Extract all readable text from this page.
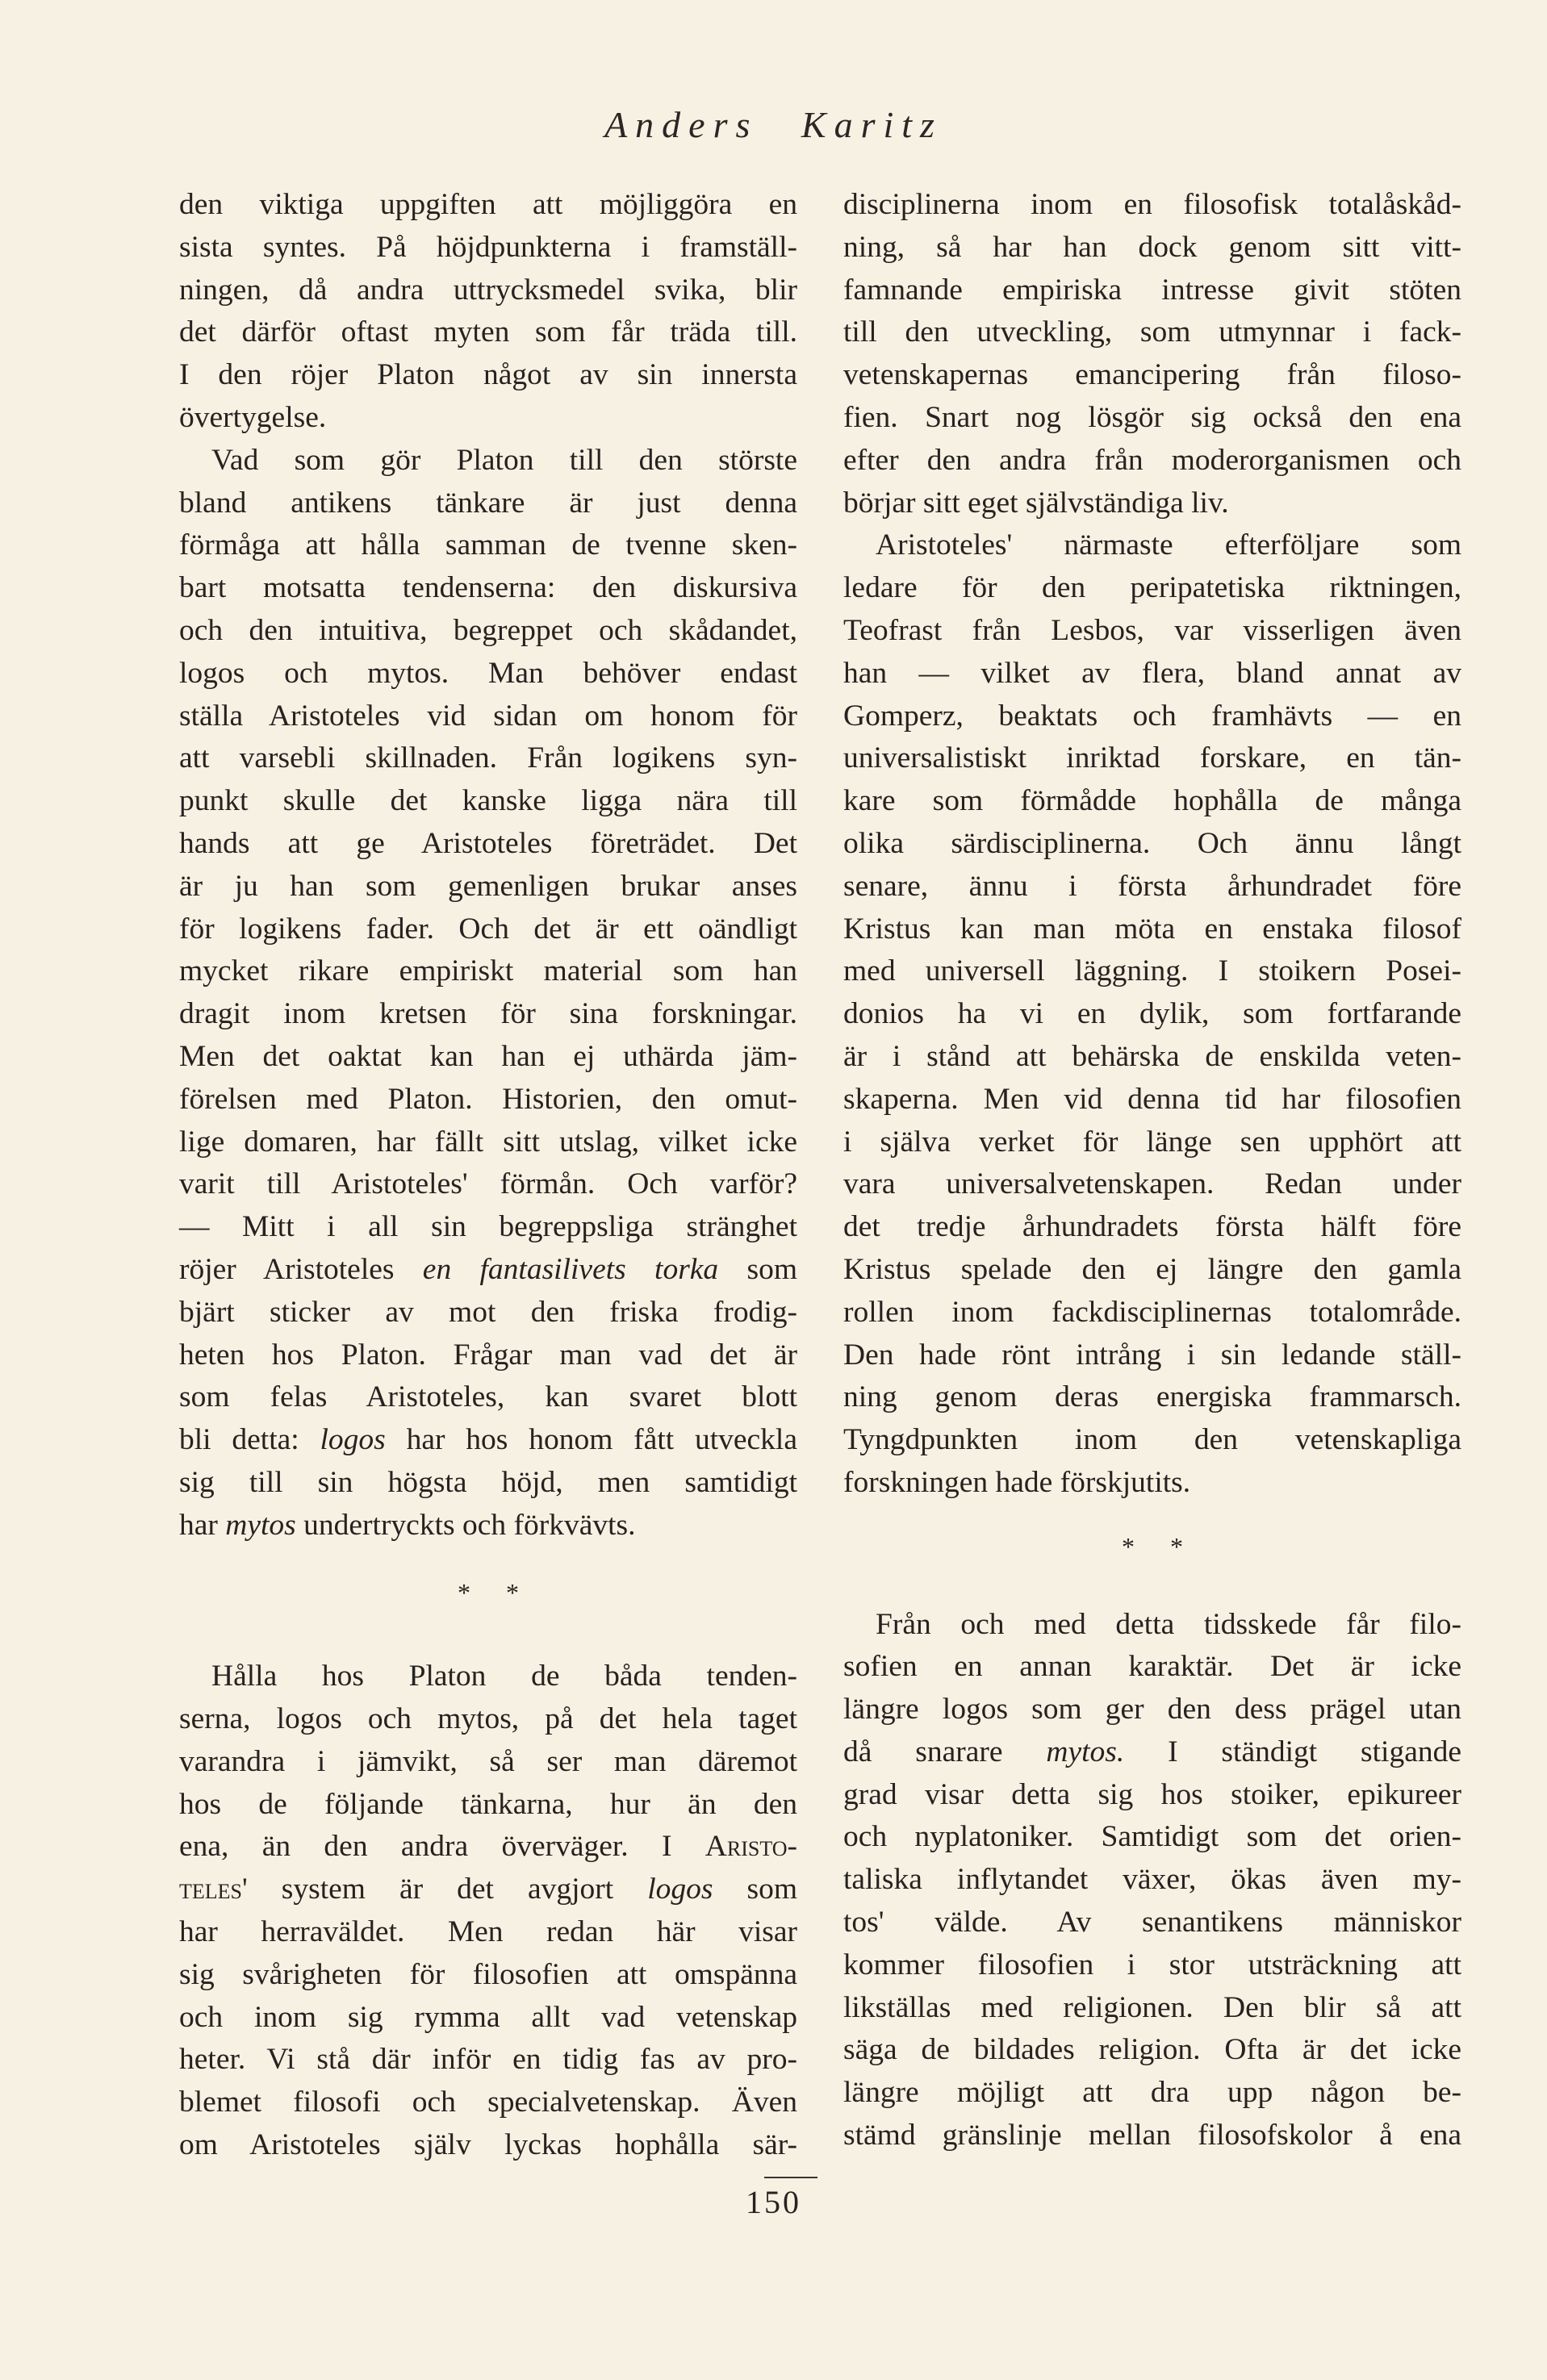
Anders Karitz

den viktiga uppgiften att möjliggöra en
sista syntes. På höjdpunkterna i framställ-
ningen, då andra uttrycksmedel svika, blir
det därför oftast myten som får träda till.
I den röjer Platon något av sin innersta
övertygelse.

Vad som gör Platon till den störste
bland antikens tänkare är just denna
förmåga att hålla samman de tvenne sken-
bart motsatta tendenserna: den diskursiva
och den intuitiva, begreppet och skådandet,
logos och mytos. Man behöver endast
ställa Aristoteles vid sidan om honom för
att varsebli skillnaden. Från logikens syn-
punkt skulle det kanske ligga nära till
hands att ge Aristoteles företrädet. Det
är ju han som gemenligen brukar anses
för logikens fader. Och det är ett oändligt
mycket rikare empiriskt material som han
dragit inom kretsen för sina forskningar.
Men det oaktat kan han ej uthärda jäm-
förelsen med Platon. Historien, den omut-
lige domaren, har fällt sitt utslag, vilket icke
varit till Aristoteles' förmån. Och varför?
— Mitt i all sin begreppsliga stränghet
röjer Aristoteles en fantasilivets torka som
bjärt sticker av mot den friska frodig-
heten hos Platon. Frågar man vad det är
som felas Aristoteles, kan svaret blott
bli detta: logos har hos honom fått utveckla
sig till sin högsta höjd, men samtidigt
har mytos undertryckts och förkvävts.

* *

Hålla hos Platon de båda tenden-
serna, logos och mytos, på det hela taget
varandra i jämvikt, så ser man däremot
hos de följande tänkarna, hur än den
ena, än den andra överväger. I Aristo-
teles' system är det avgjort logos som
har herraväldet. Men redan här visar
sig svårigheten för filosofien att omspänna
och inom sig rymma allt vad vetenskap
heter. Vi stå där inför en tidig fas av pro-
blemet filosofi och specialvetenskap. Även
om Aristoteles själv lyckas hophålla sär-

disciplinerna inom en filosofisk totalåskåd-
ning, så har han dock genom sitt vitt-
famnande empiriska intresse givit stöten
till den utveckling, som utmynnar i fack-
vetenskapernas emancipering från filoso-
fien. Snart nog lösgör sig också den ena
efter den andra från moderorganismen och
börjar sitt eget självständiga liv.

Aristoteles' närmaste efterföljare som
ledare för den peripatetiska riktningen,
Teofrast från Lesbos, var visserligen även
han — vilket av flera, bland annat av
Gomperz, beaktats och framhävts — en
universalistiskt inriktad forskare, en tän-
kare som förmådde hophålla de många
olika särdisciplinerna. Och ännu långt
senare, ännu i första århundradet före
Kristus kan man möta en enstaka filosof
med universell läggning. I stoikern Posei-
donios ha vi en dylik, som fortfarande
är i stånd att behärska de enskilda veten-
skaperna. Men vid denna tid har filosofien
i själva verket för länge sen upphört att
vara universalvetenskapen. Redan under
det tredje århundradets första hälft före
Kristus spelade den ej längre den gamla
rollen inom fackdisciplinernas totalområde.
Den hade rönt intrång i sin ledande ställ-
ning genom deras energiska frammarsch.
Tyngdpunkten inom den vetenskapliga
forskningen hade förskjutits.

* *

Från och med detta tidsskede får filo-
sofien en annan karaktär. Det är icke
längre logos som ger den dess prägel utan
då snarare mytos. I ständigt stigande
grad visar detta sig hos stoiker, epikureer
och nyplatoniker. Samtidigt som det orien-
taliska inflytandet växer, ökas även my-
tos' välde. Av senantikens människor
kommer filosofien i stor utsträckning att
likställas med religionen. Den blir så att
säga de bildades religion. Ofta är det icke
längre möjligt att dra upp någon be-
stämd gränslinje mellan filosofskolor å ena

150
